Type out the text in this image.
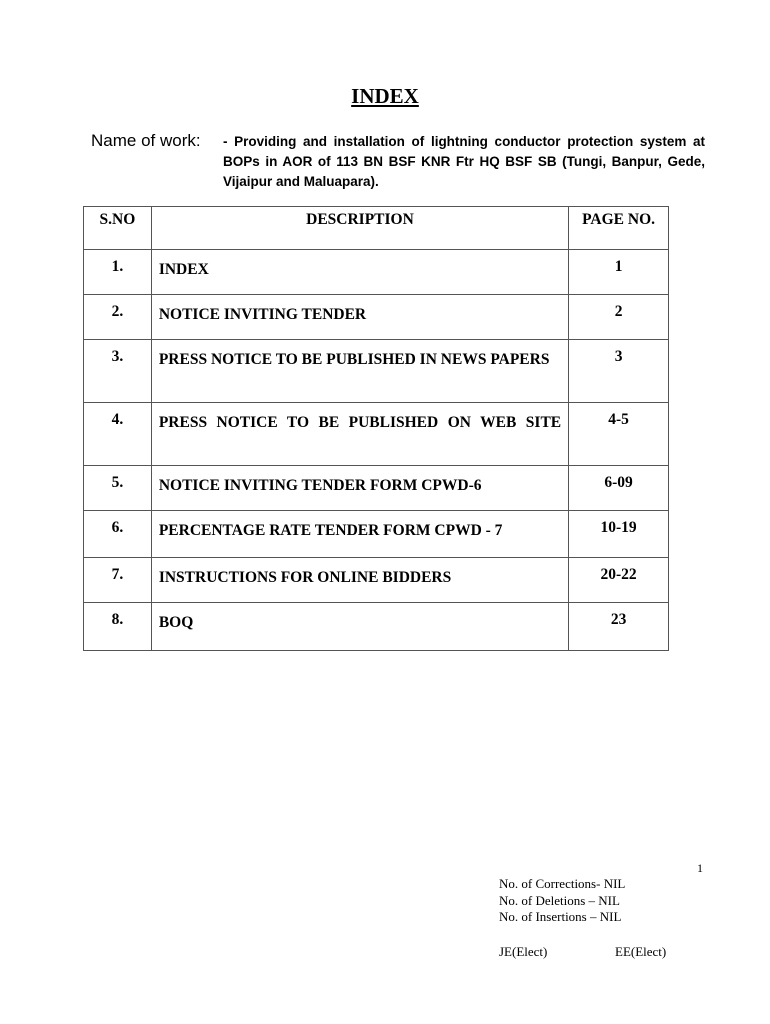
INDEX
Name of work: - Providing and installation of lightning conductor protection system at BOPs in AOR of 113 BN BSF KNR Ftr HQ BSF SB (Tungi, Banpur, Gede, Vijaipur and Maluapara).
S.NO	DESCRIPTION	PAGE NO.
1.	INDEX	1
2.	NOTICE INVITING TENDER	2
3.	PRESS NOTICE TO BE PUBLISHED IN NEWS PAPERS	3
4.	PRESS NOTICE TO BE PUBLISHED ON WEB SITE	4-5
5.	NOTICE INVITING TENDER FORM CPWD-6	6-09
6.	PERCENTAGE RATE TENDER FORM CPWD - 7	10-19
7.	INSTRUCTIONS FOR ONLINE BIDDERS	20-22
8.	BOQ	23
1
No. of Corrections- NIL
No. of Deletions – NIL
No. of Insertions – NIL
JE(Elect)	EE(Elect)
